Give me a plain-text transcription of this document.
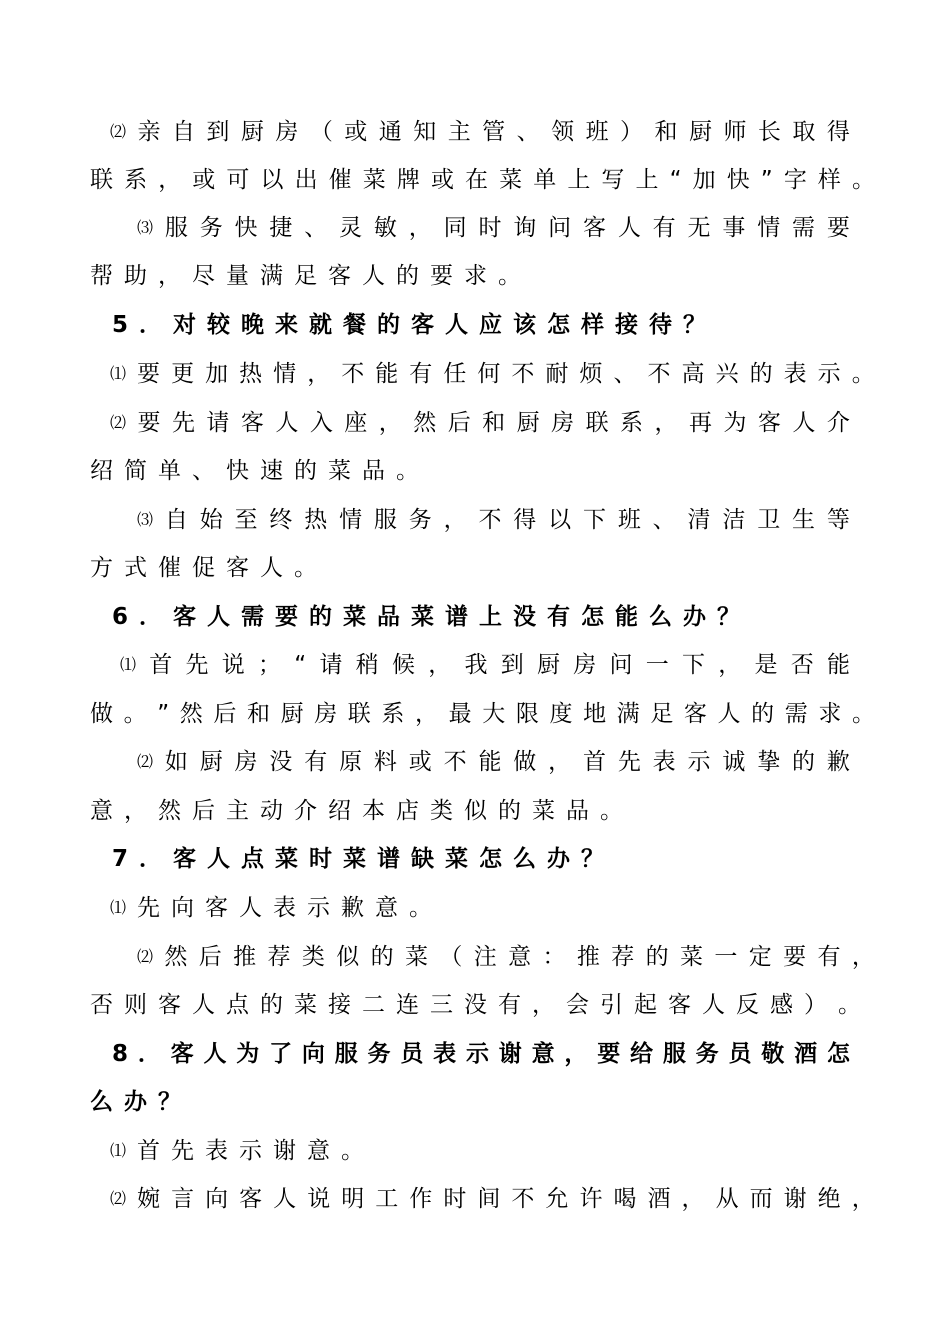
⑵ 亲 自 到 厨 房 （ 或 通 知 主 管 、 领 班 ） 和 厨 师 长 取 得
联 系 ， 或 可 以 出 催 菜 牌 或 在 菜 单 上 写 上 “ 加 快 ” 字 样 。
⑶ 服 务 快 捷 、 灵 敏 ， 同 时 询 问 客 人 有 无 事 情 需 要
帮 助 ， 尽 量 满 足 客 人 的 要 求 。
5 ． 对 较 晚 来 就 餐 的 客 人 应 该 怎 样 接 待 ？
⑴ 要 更 加 热 情 ， 不 能 有 任 何 不 耐 烦 、 不 高 兴 的 表 示 。
⑵ 要 先 请 客 人 入 座 ， 然 后 和 厨 房 联 系 ， 再 为 客 人 介
绍 简 单 、 快 速 的 菜 品 。
⑶ 自 始 至 终 热 情 服 务 ， 不 得 以 下 班 、 清 洁 卫 生 等
方 式 催 促 客 人 。
6 ． 客 人 需 要 的 菜 品 菜 谱 上 没 有 怎 能 么 办 ？
⑴ 首 先 说 ； “ 请 稍 候 ， 我 到 厨 房 问 一 下 ， 是 否 能
做 。 ” 然 后 和 厨 房 联 系 ， 最 大 限 度 地 满 足 客 人 的 需 求 。
⑵ 如 厨 房 没 有 原 料 或 不 能 做 ， 首 先 表 示 诚 挚 的 歉
意 ， 然 后 主 动 介 绍 本 店 类 似 的 菜 品 。
7 ． 客 人 点 菜 时 菜 谱 缺 菜 怎 么 办 ？
⑴ 先 向 客 人 表 示 歉 意 。
⑵ 然 后 推 荐 类 似 的 菜 （ 注 意 ： 推 荐 的 菜 一 定 要 有 ，
否 则 客 人 点 的 菜 接 二 连 三 没 有 ， 会 引 起 客 人 反 感 ） 。
8 ． 客 人 为 了 向 服 务 员 表 示 谢 意 ， 要 给 服 务 员 敬 酒 怎
么 办 ？
⑴ 首 先 表 示 谢 意 。
⑵ 婉 言 向 客 人 说 明 工 作 时 间 不 允 许 喝 酒 ， 从 而 谢 绝 ，
